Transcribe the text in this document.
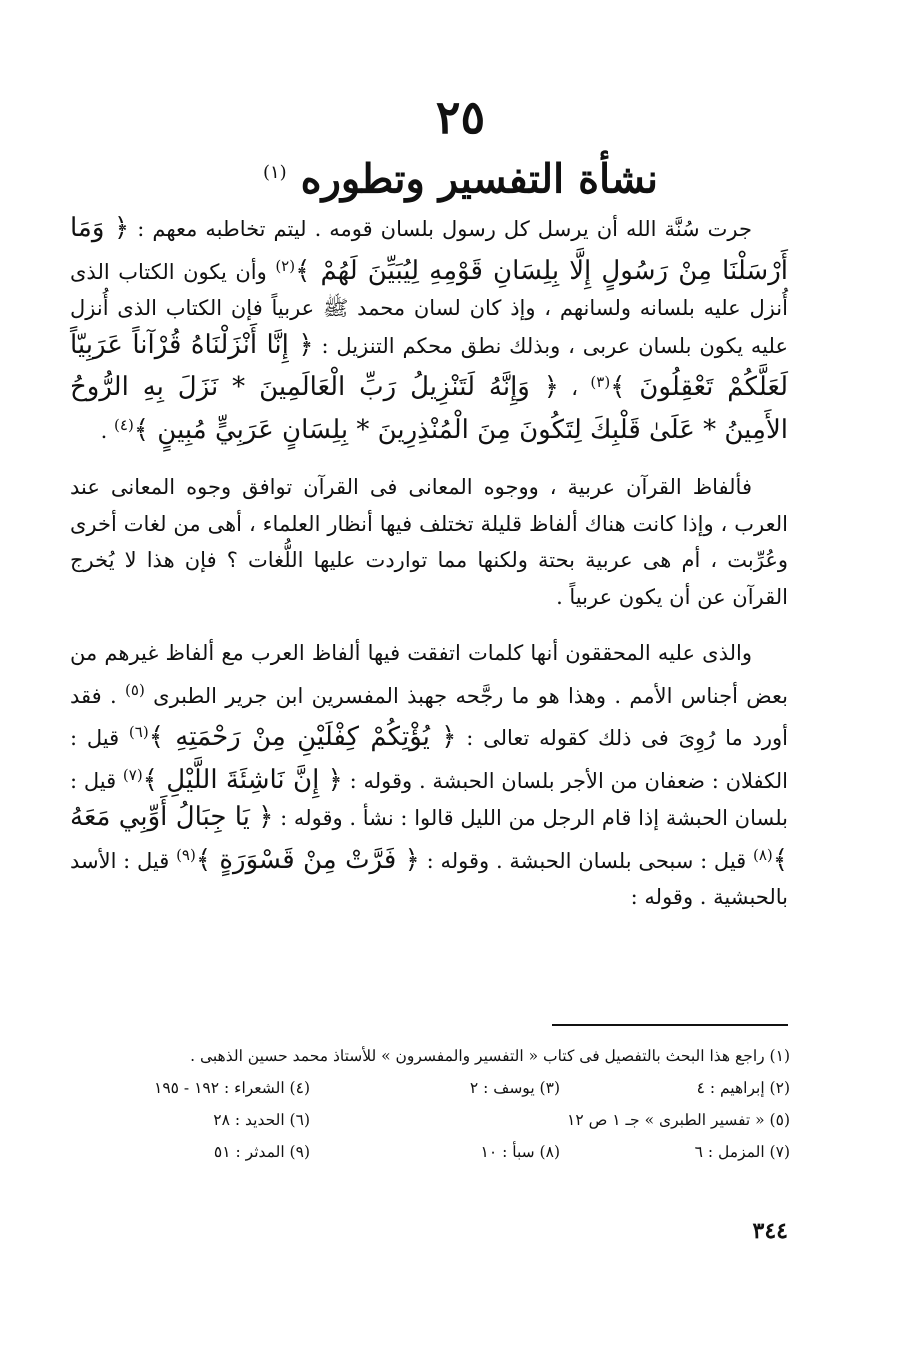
٢٥
نشأة التفسير وتطوره $^{(١)}$

جرت سُنَّة الله أن يرسل كل رسول بلسان قومه . ليتم تخاطبه معهم : ﴿ وَمَا أَرْسَلْنَا مِنْ رَسُولٍ إِلَّا بِلِسَانِ قَوْمِهِ لِيُبَيِّنَ لَهُمْ ﴾$^{(٢)}$ وأن يكون الكتاب الذى أُنزل عليه بلسانه ولسانهم ، وإذ كان لسان محمد ﷺ عربياً فإن الكتاب الذى أُنزل عليه يكون بلسان عربى ، وبذلك نطق محكم التنزيل : ﴿ إِنَّا أَنْزَلْنَاهُ قُرْآناً عَرَبِيّاً لَعَلَّكُمْ تَعْقِلُونَ ﴾$^{(٣)}$ ، ﴿ وَإِنَّهُ لَتَنْزِيلُ رَبِّ الْعَالَمِينَ * نَزَلَ بِهِ الرُّوحُ الأَمِينُ * عَلَىٰ قَلْبِكَ لِتَكُونَ مِنَ الْمُنْذِرِينَ * بِلِسَانٍ عَرَبِيٍّ مُبِينٍ ﴾$^{(٤)}$ .

فألفاظ القرآن عربية ، ووجوه المعانى فى القرآن توافق وجوه المعانى عند العرب ، وإذا كانت هناك ألفاظ قليلة تختلف فيها أنظار العلماء ، أهى من لغات أخرى وعُرِّبت ، أم هى عربية بحتة ولكنها مما تواردت عليها اللُّغات ؟ فإن هذا لا يُخرج القرآن عن أن يكون عربياً .

والذى عليه المحققون أنها كلمات اتفقت فيها ألفاظ العرب مع ألفاظ غيرهم من بعض أجناس الأمم . وهذا هو ما رجَّحه جهبذ المفسرين ابن جرير الطبرى $^{(٥)}$ . فقد أورد ما رُوِىَ فى ذلك كقوله تعالى : ﴿ يُؤْتِكُمْ كِفْلَيْنِ مِنْ رَحْمَتِهِ ﴾$^{(٦)}$ قيل : الكفلان : ضعفان من الأجر بلسان الحبشة . وقوله : ﴿ إِنَّ نَاشِئَةَ اللَّيْلِ ﴾$^{(٧)}$ قيل : بلسان الحبشة إذا قام الرجل من الليل قالوا : نشأ . وقوله : ﴿ يَا جِبَالُ أَوِّبِي مَعَهُ ﴾$^{(٨)}$ قيل : سبحى بلسان الحبشة . وقوله : ﴿ فَرَّتْ مِنْ قَسْوَرَةٍ ﴾$^{(٩)}$ قيل : الأسد بالحبشية . وقوله :

(١) راجع هذا البحث بالتفصيل فى كتاب « التفسير والمفسرون » للأستاذ محمد حسين الذهبى .
(٢) إبراهيم : ٤
(٣) يوسف : ٢
(٤) الشعراء : ١٩٢ - ١٩٥
(٥) « تفسير الطبرى » جـ ١ ص ١٢
(٦) الحديد : ٢٨
(٧) المزمل : ٦
(٨) سبأ : ١٠
(٩) المدثر : ٥١
٣٤٤
